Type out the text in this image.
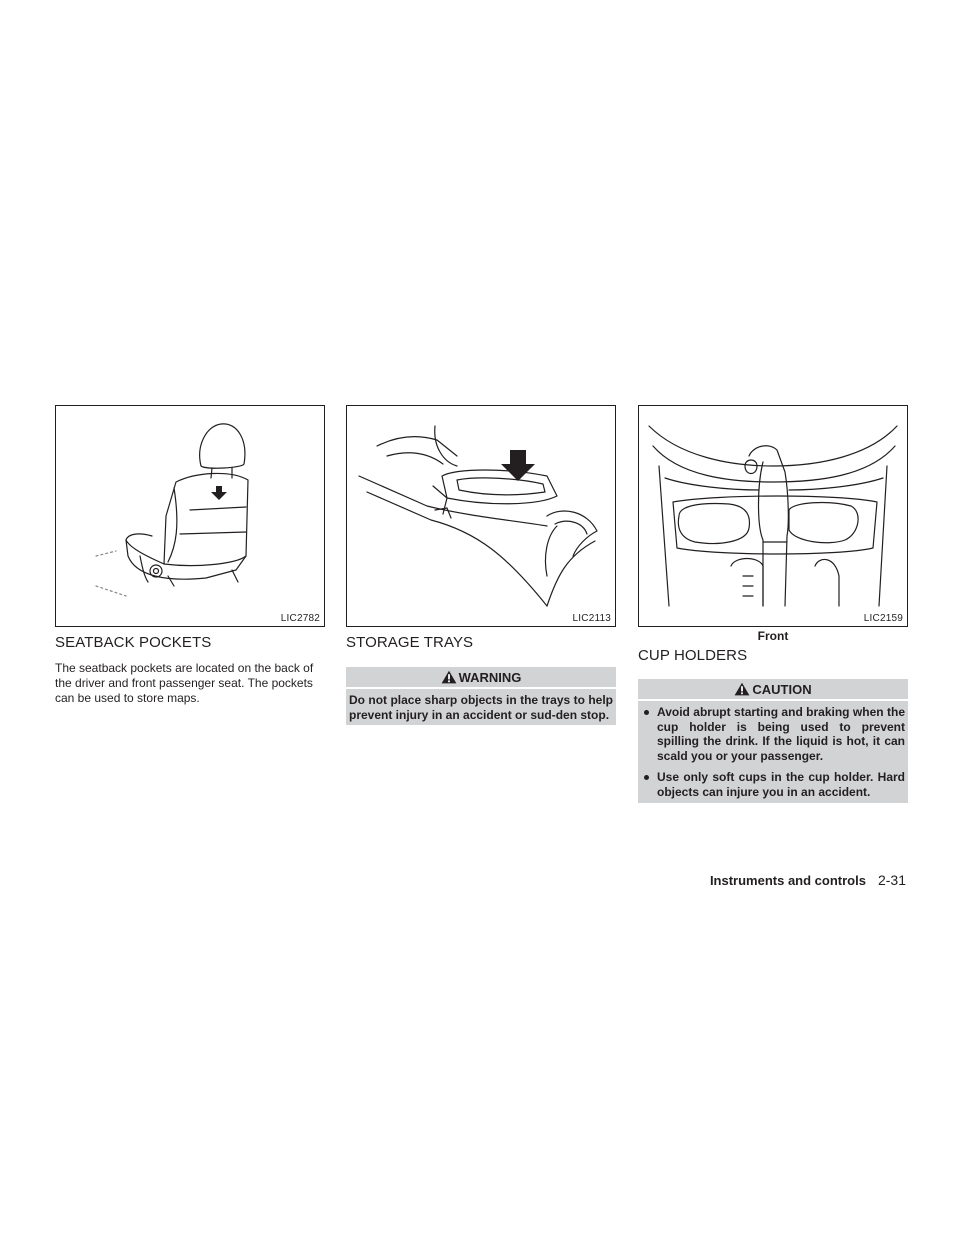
LIC2782
SEATBACK POCKETS

The seatback pockets are located on the back of the driver and front passenger seat. The pockets can be used to store maps.

LIC2113
STORAGE TRAYS
WARNING
Do not place sharp objects in the trays to help prevent injury in an accident or sud-den stop.
LIC2159
Front
CUP HOLDERS
CAUTION
Avoid abrupt starting and braking when the cup holder is being used to prevent spilling the drink. If the liquid is hot, it can scald you or your passenger.
Use only soft cups in the cup holder. Hard objects can injure you in an accident.
Instruments and controls 2-31
